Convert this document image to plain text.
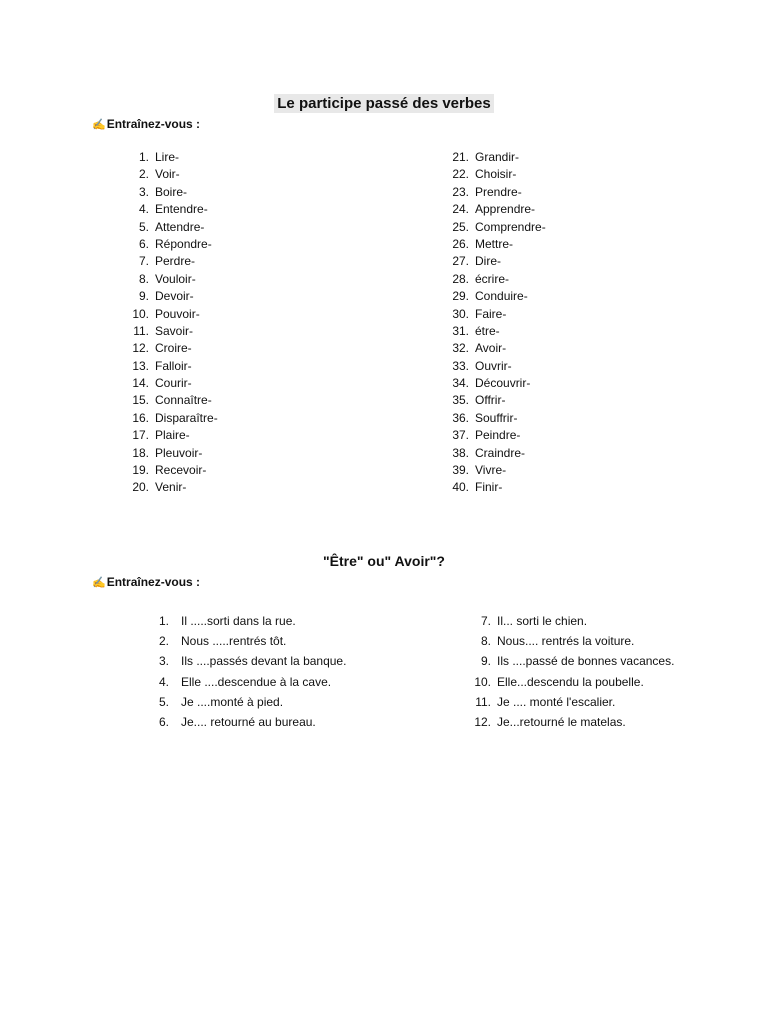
Le participe passé des verbes
✍Entraînez-vous :
1. Lire-
2. Voir-
3. Boire-
4. Entendre-
5. Attendre-
6. Répondre-
7. Perdre-
8. Vouloir-
9. Devoir-
10. Pouvoir-
11. Savoir-
12. Croire-
13. Falloir-
14. Courir-
15. Connaître-
16. Disparaître-
17. Plaire-
18. Pleuvoir-
19. Recevoir-
20. Venir-
21. Grandir-
22. Choisir-
23. Prendre-
24. Apprendre-
25. Comprendre-
26. Mettre-
27. Dire-
28. écrire-
29. Conduire-
30. Faire-
31. étre-
32. Avoir-
33. Ouvrir-
34. Découvrir-
35. Offrir-
36. Souffrir-
37. Peindre-
38. Craindre-
39. Vivre-
40. Finir-
"Être" ou" Avoir"?
✍Entraînez-vous :
1. Il .....sorti dans la rue.
2. Nous .....rentrés tôt.
3. Ils ....passés devant la banque.
4. Elle ....descendue à la cave.
5. Je ....monté à pied.
6. Je.... retourné au bureau.
7. Il... sorti le chien.
8. Nous.... rentrés la voiture.
9. Ils ....passé de bonnes vacances.
10. Elle...descendu la poubelle.
11. Je .... monté l'escalier.
12. Je...retourné le matelas.
